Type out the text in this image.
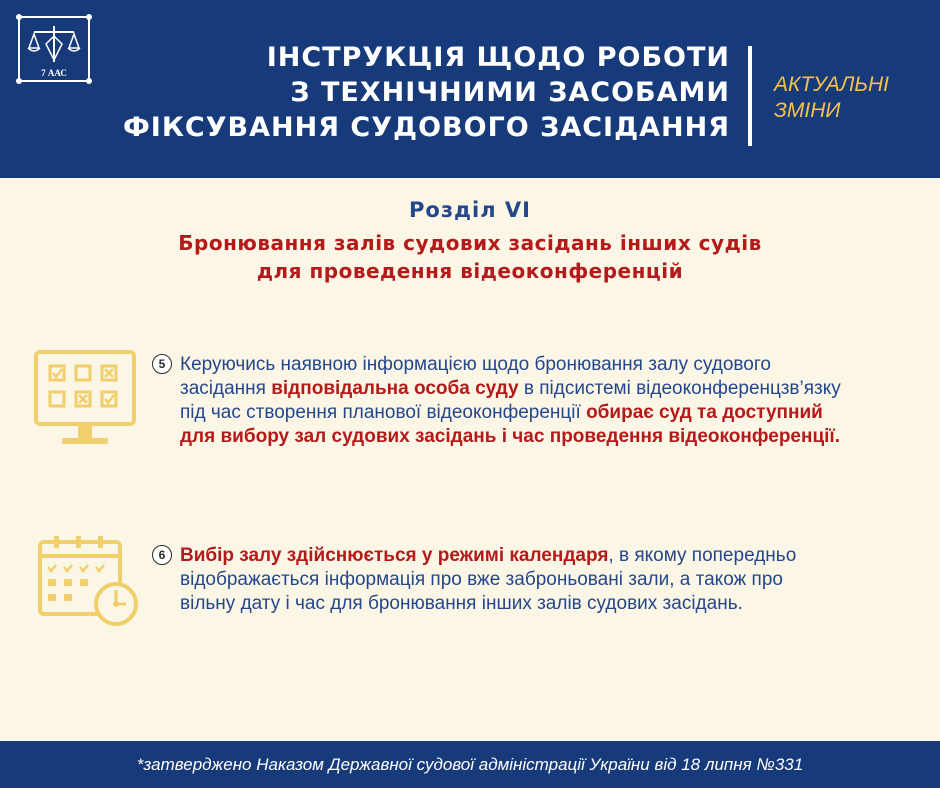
7 ААС	ІНСТРУКЦІЯ ЩОДО РОБОТИ
З ТЕХНІЧНИМИ ЗАСОБАМИ
ФІКСУВАННЯ СУДОВОГО ЗАСІДАННЯ
АКТУАЛЬНІ
ЗМІНИ
Розділ VI
Бронювання залів судових засідань інших судів
для проведення відеоконференцій
5 Керуючись наявною інформацією щодо бронювання залу судового
засідання відповідальна особа суду в підсистемі відеоконференцзв’язку
під час створення планової відеоконференції обирає суд та доступний
для вибору зал судових засідань і час проведення відеоконференції.
6 Вибір залу здійснюється у режимі календаря, в якому попередньо
відображається інформація про вже заброньовані зали, а також про
вільну дату і час для бронювання інших залів судових засідань.
*затверджено Наказом Державної судової адміністрації України від 18 липня №331
